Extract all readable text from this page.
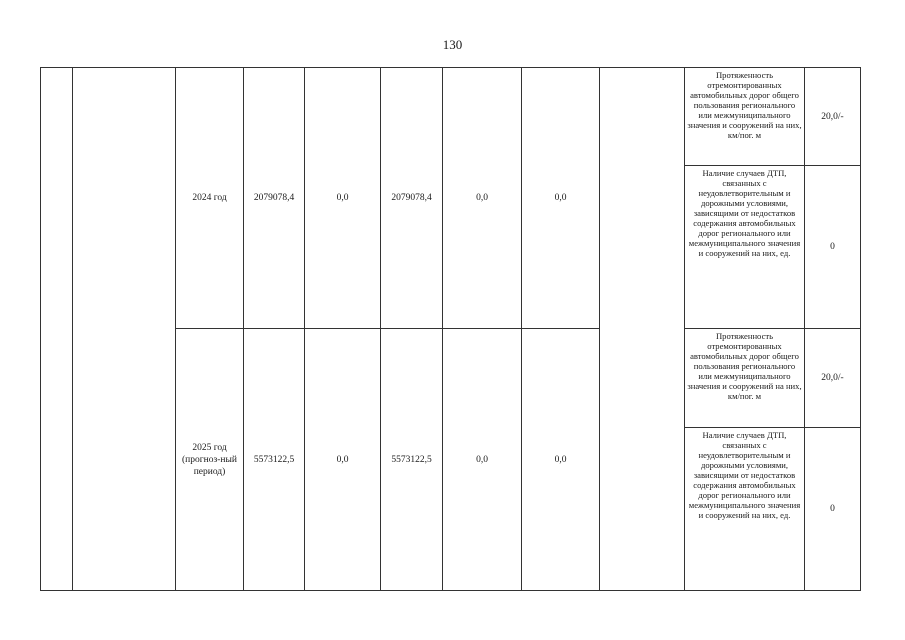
130
		2024 год	2079078,4	0,0	2079078,4	0,0	0,0		Протяженность отремонтированных автомобильных дорог общего пользования регионального или межмуниципального значения и сооружений на них, км/пог. м	20,0/-
									Наличие случаев ДТП, связанных с неудовлетворительным и дорожными условиями, зависящими от недостатков содержания автомобильных дорог регионального или межмуниципального значения и сооружений на них, ед.	0
		2025 год (прогноз-ный период)	5573122,5	0,0	5573122,5	0,0	0,0		Протяженность отремонтированных автомобильных дорог общего пользования регионального или межмуниципального значения и сооружений на них, км/пог. м	20,0/-
									Наличие случаев ДТП, связанных с неудовлетворительным и дорожными условиями, зависящими от недостатков содержания автомобильных дорог регионального или межмуниципального значения и сооружений на них, ед.	0
